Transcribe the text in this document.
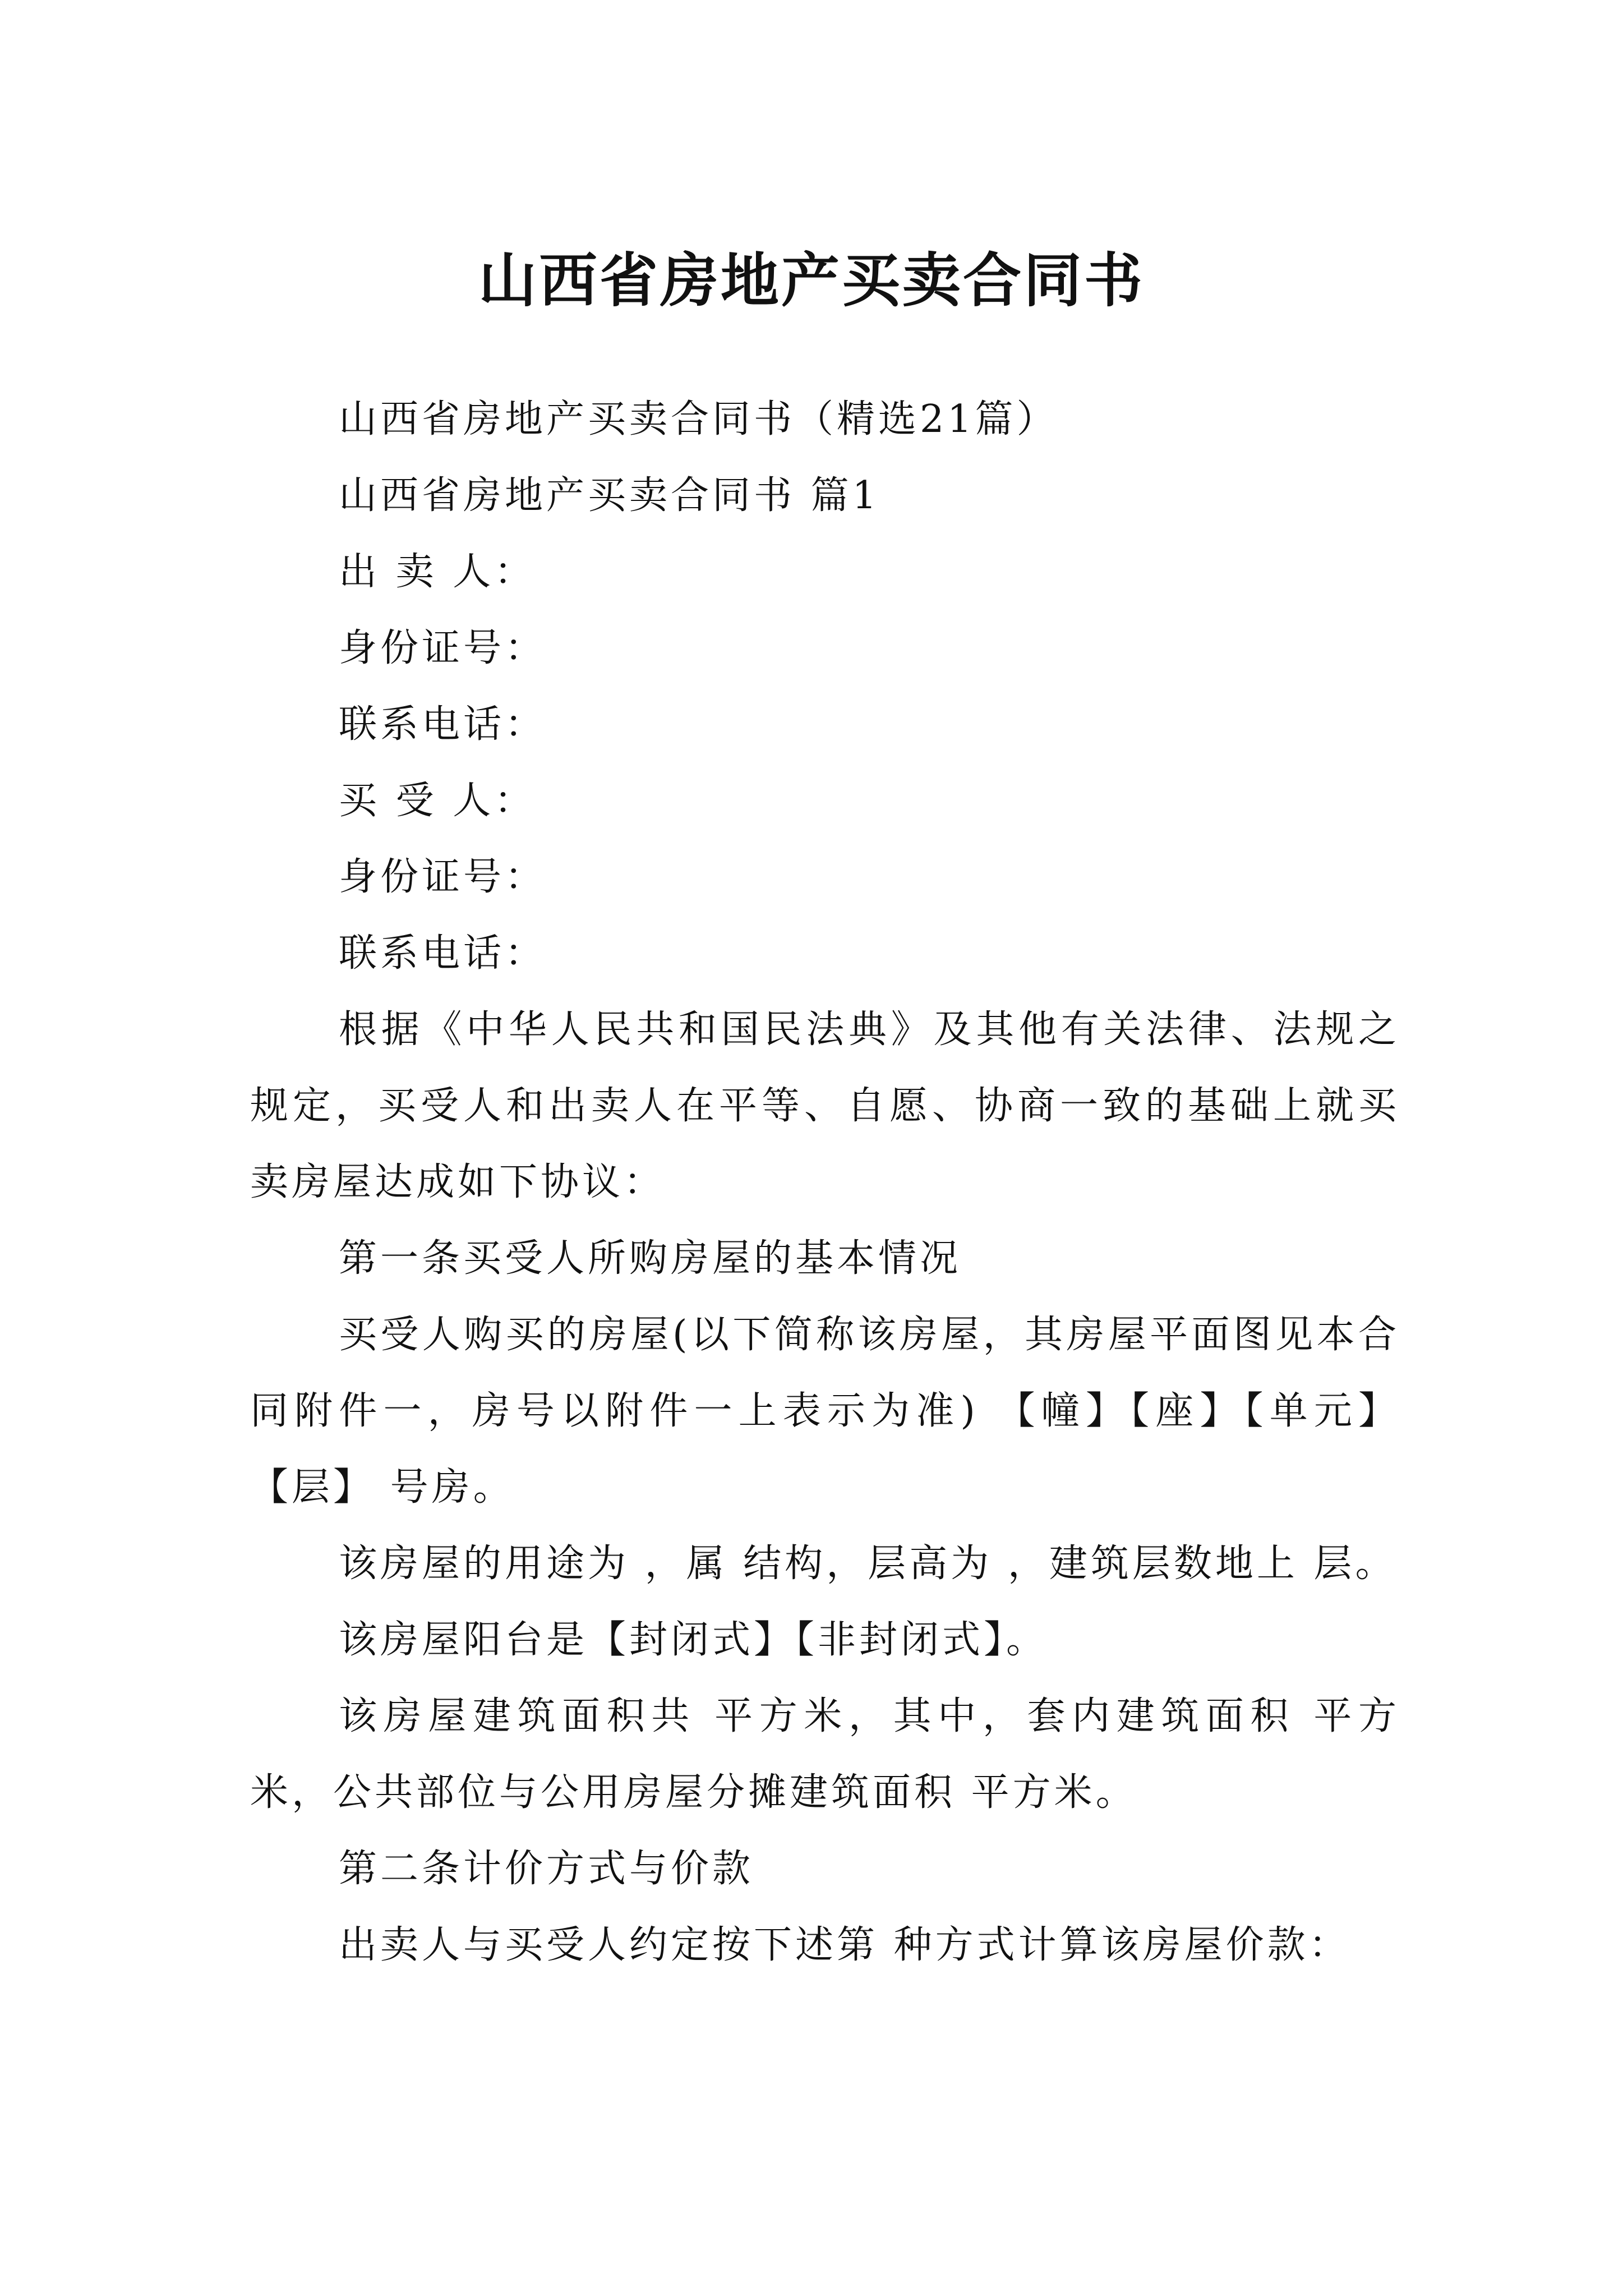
山西省房地产买卖合同书

山西省房地产买卖合同书（精选21篇）

山西省房地产买卖合同书 篇1

出 卖 人：

身份证号：

联系电话：

买 受 人：

身份证号：

联系电话：

根据《中华人民共和国民法典》及其他有关法律、法规之规定，买受人和出卖人在平等、自愿、协商一致的基础上就买卖房屋达成如下协议：

第一条买受人所购房屋的基本情况

买受人购买的房屋(以下简称该房屋，其房屋平面图见本合同附件一，房号以附件一上表示为准) 【幢】【座】【单元】【层】 号房。

该房屋的用途为 ，属 结构，层高为 ，建筑层数地上 层。

该房屋阳台是【封闭式】【非封闭式】。

该房屋建筑面积共 平方米，其中，套内建筑面积 平方米，公共部位与公用房屋分摊建筑面积 平方米。

第二条计价方式与价款

出卖人与买受人约定按下述第 种方式计算该房屋价款：
